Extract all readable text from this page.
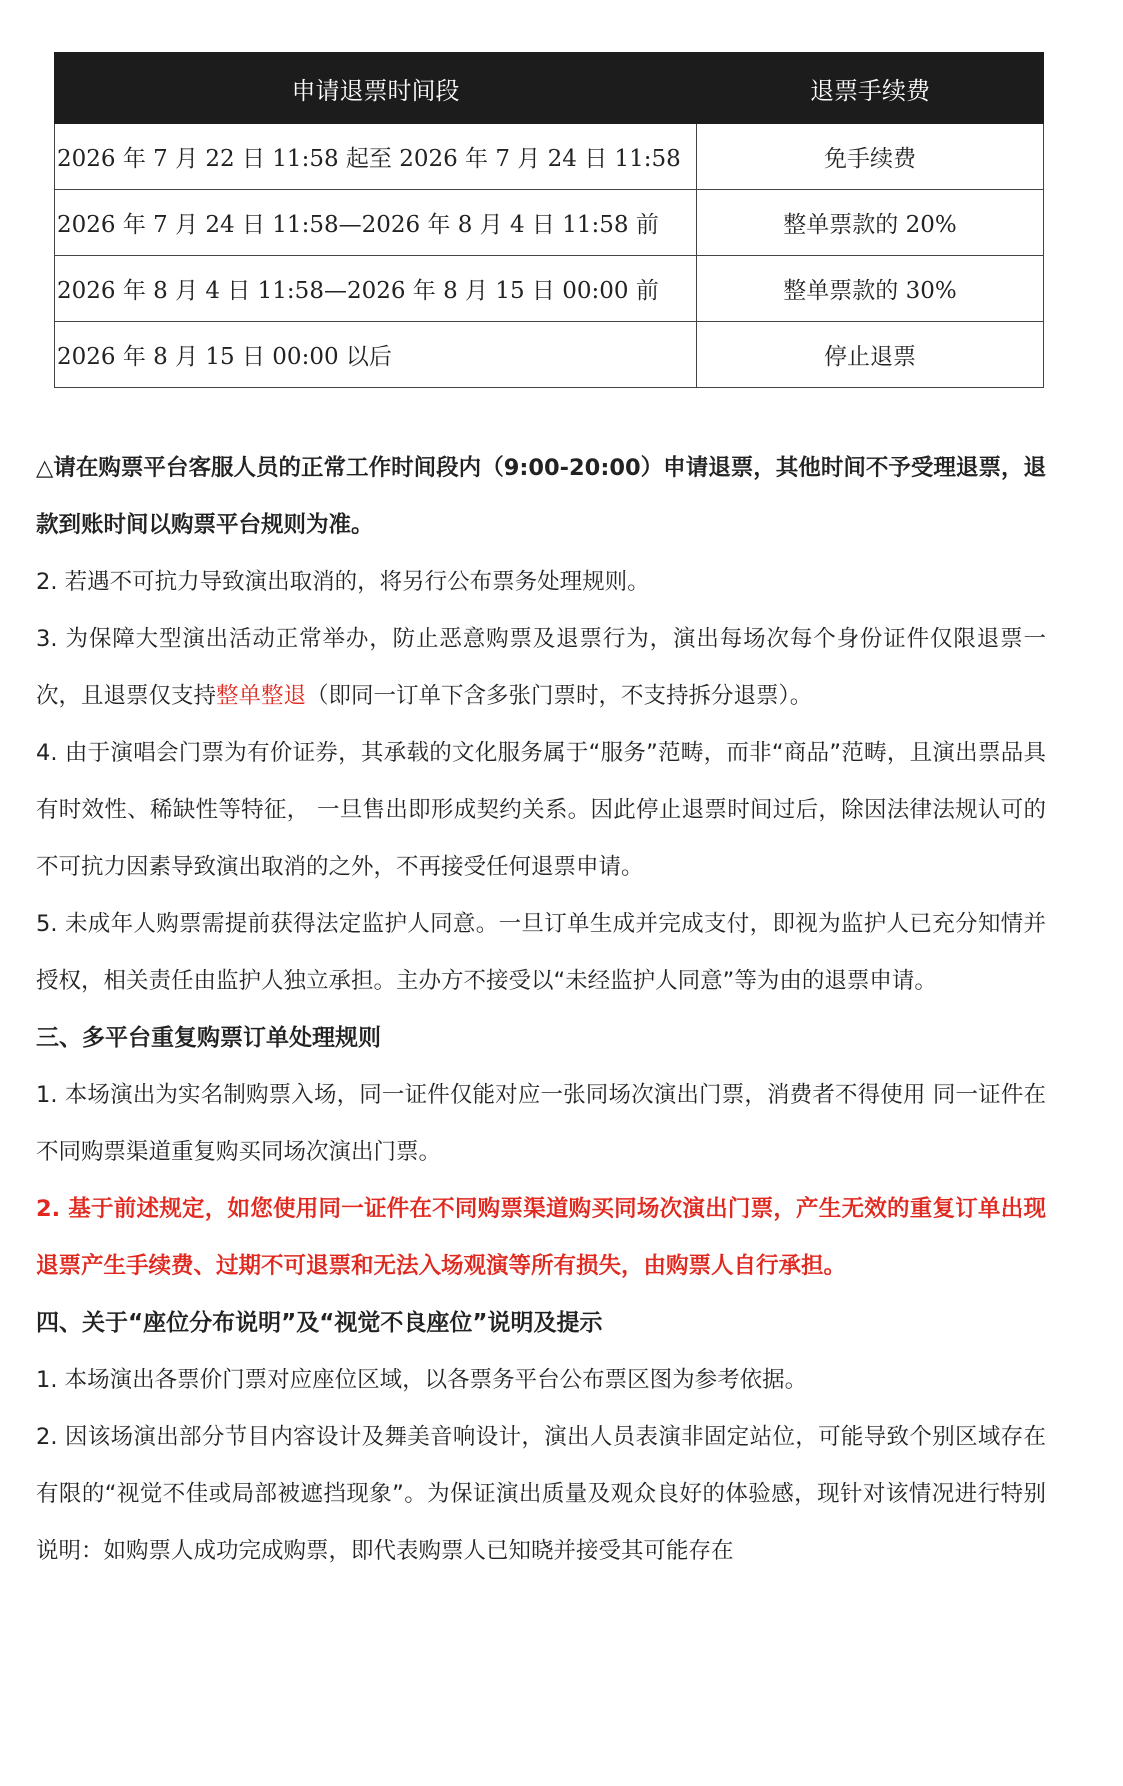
申请退票时间段	退票手续费
2026 年 7 月 22 日 11:58 起至 2026 年 7 月 24 日 11:58	免手续费
2026 年 7 月 24 日 11:58—2026 年 8 月 4 日 11:58 前	整单票款的 20%
2026 年 8 月 4 日 11:58—2026 年 8 月 15 日 00:00 前	整单票款的 30%
2026 年 8 月 15 日 00:00 以后	停止退票

△请在购票平台客服人员的正常工作时间段内（9:00-20:00）申请退票，其他时间不予受理退票，退款到账时间以购票平台规则为准。

2. 若遇不可抗力导致演出取消的，将另行公布票务处理规则。

3. 为保障大型演出活动正常举办，防止恶意购票及退票行为，演出每场次每个身份证件仅限退票一次，且退票仅支持整单整退（即同一订单下含多张门票时，不支持拆分退票）。

4. 由于演唱会门票为有价证券，其承载的文化服务属于“服务”范畴，而非“商品”范畴，且演出票品具有时效性、稀缺性等特征， 一旦售出即形成契约关系。因此停止退票时间过后，除因法律法规认可的不可抗力因素导致演出取消的之外，不再接受任何退票申请。

5. 未成年人购票需提前获得法定监护人同意。一旦订单生成并完成支付，即视为监护人已充分知情并授权，相关责任由监护人独立承担。主办方不接受以“未经监护人同意”等为由的退票申请。

三、多平台重复购票订单处理规则

1. 本场演出为实名制购票入场，同一证件仅能对应一张同场次演出门票，消费者不得使用 同一证件在不同购票渠道重复购买同场次演出门票。

2. 基于前述规定，如您使用同一证件在不同购票渠道购买同场次演出门票，产生无效的重复订单出现退票产生手续费、过期不可退票和无法入场观演等所有损失，由购票人自行承担。

四、关于“座位分布说明”及“视觉不良座位”说明及提示

1. 本场演出各票价门票对应座位区域，以各票务平台公布票区图为参考依据。

2. 因该场演出部分节目内容设计及舞美音响设计，演出人员表演非固定站位，可能导致个别区域存在有限的“视觉不佳或局部被遮挡现象”。为保证演出质量及观众良好的体验感，现针对该情况进行特别说明：如购票人成功完成购票，即代表购票人已知晓并接受其可能存在
